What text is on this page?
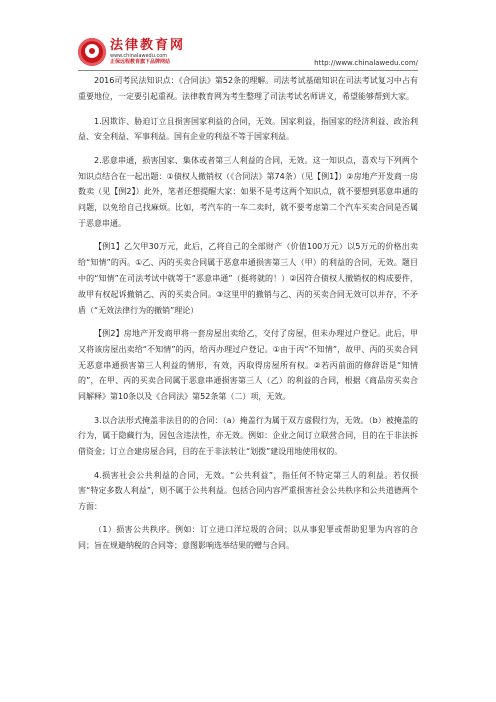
法律教育网
www.chinalawedu.com
正保远程教育旗下品牌网站	http://www.chinalawedu.com/

2016司考民法知识点：《合同法》第52条的理解。司法考试基础知识在司法考试复习中占有重要地位，一定要引起重视。法律教育网为考生整理了司法考试名师讲义，希望能够帮到大家。

1.因欺诈、胁迫订立且损害国家利益的合同，无效。国家利益，指国家的经济利益、政治利益、安全利益、军事利益。国有企业的利益不等于国家利益。

2.恶意串通，损害国家、集体或者第三人利益的合同，无效。这一知识点，喜欢与下列两个知识点结合在一起出题：①债权人撤销权（《合同法》第74条）（见【例1】）②房地产开发商一房数卖（见【例2】）此外，笔者还想提醒大家：如果不是考这两个知识点，就不要想到恶意串通的问题，以免给自己找麻烦。比如，考汽车的一车二卖时，就不要考虑第二个汽车买卖合同是否属于恶意串通。

【例1】乙欠甲30万元，此后，乙将自己的全部财产（价值100万元）以5万元的价格出卖给“知情”的丙。①乙、丙的买卖合同属于恶意串通损害第三人（甲）的利益的合同，无效。题目中的“知情”在司法考试中就等于“恶意串通”（挺将就的！）②因符合债权人撤销权的构成要件，故甲有权起诉撤销乙、丙的买卖合同。③这里甲的撤销与乙、丙的买卖合同无效可以并存，不矛盾（“无效法律行为的撤销”理论）

【例2】房地产开发商甲将一套房屋出卖给乙，交付了房屋，但未办理过户登记。此后，甲又将该房屋出卖给“不知情”的丙，给丙办理过户登记。①由于丙“不知情”，故甲、丙的买卖合同无恶意串通损害第三人利益的情形，有效，丙取得房屋所有权。②若丙前面的修辞语是“知情的”，在甲、丙的买卖合同属于恶意串通损害第三人（乙）的利益的合同，根据《商品房买卖合同解释》第10条以及《合同法》第52条第（二）项，无效。

3.以合法形式掩盖非法目的的合同：（a）掩盖行为属于双方虚假行为，无效。（b）被掩盖的行为，属于隐藏行为，因包含违法性，亦无效。例如：企业之间订立联营合同，目的在于非法拆借资金；订立合建房屋合同，目的在于非法转让“划拨”建设用地使用权的。

4.损害社会公共利益的合同，无效。“公共利益”，指任何不特定第三人的利益。若仅损害“特定多数人利益”，则不属于公共利益。包括合同内容严重损害社会公共秩序和公共道德两个方面：

（1）损害公共秩序。例如：订立进口洋垃圾的合同；以从事犯罪或帮助犯罪为内容的合同；旨在规避纳税的合同等；意图影响选举结果的赠与合同。
